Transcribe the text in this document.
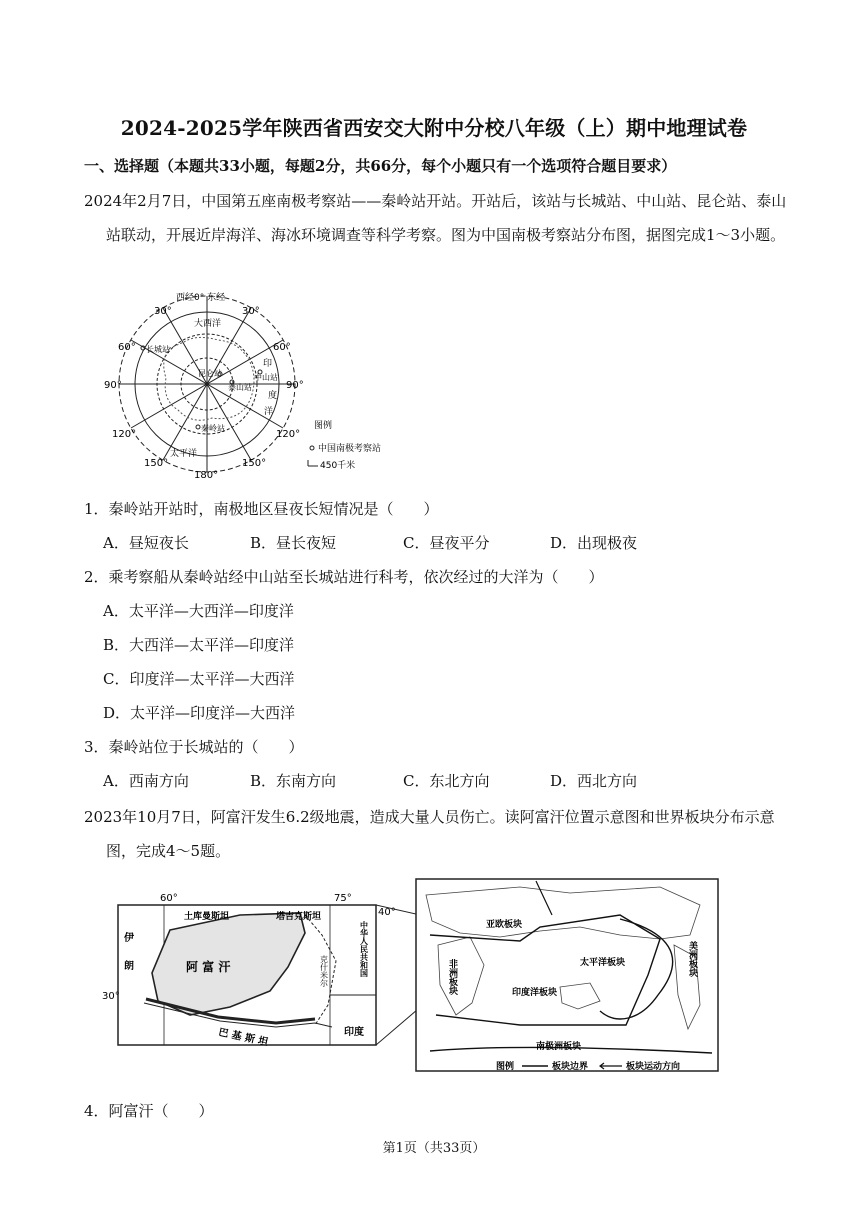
2024-2025学年陕西省西安交大附中分校八年级（上）期中地理试卷
一、选择题（本题共33小题，每题2分，共66分，每个小题只有一个选项符合题目要求）
2024年2月7日，中国第五座南极考察站——秦岭站开站。开站后，该站与长城站、中山站、昆仑站、泰山站联动，开展近岸海洋、海冰环境调查等科学考察。图为中国南极考察站分布图，据图完成1～3小题。
西经0° 东经
30°	30°
60°	60°
90°	90°
120°	120°
150°	150°
180°
大西洋
印
度
洋
太平洋
长城站
昆仑站
泰山站
中山站
秦岭站	图例
中国南极考察站
450千米
1．秦岭站开站时，南极地区昼夜长短情况是（　　）
A．昼短夜长	B．昼长夜短	C．昼夜平分	D．出现极夜
2．乘考察船从秦岭站经中山站至长城站进行科考，依次经过的大洋为（　　）
A．太平洋—大西洋—印度洋
B．大西洋—太平洋—印度洋
C．印度洋—太平洋—大西洋
D．太平洋—印度洋—大西洋
3．秦岭站位于长城站的（　　）
A．西南方向	B．东南方向	C．东北方向	D．西北方向
2023年10月7日，阿富汗发生6.2级地震，造成大量人员伤亡。读阿富汗位置示意图和世界板块分布示意图，完成4～5题。
60°	75°
40°
30°
土库曼斯坦	塔吉克斯坦
伊
朗	阿 富 汗
巴 基 斯 坦	印度
中华人民共和国
克什米尔
亚欧板块
非洲板块	太平洋板块
印度洋板块
美洲板块
南极洲板块
图例	板块边界	板块运动方向
4．阿富汗（　　）
第1页（共33页）
